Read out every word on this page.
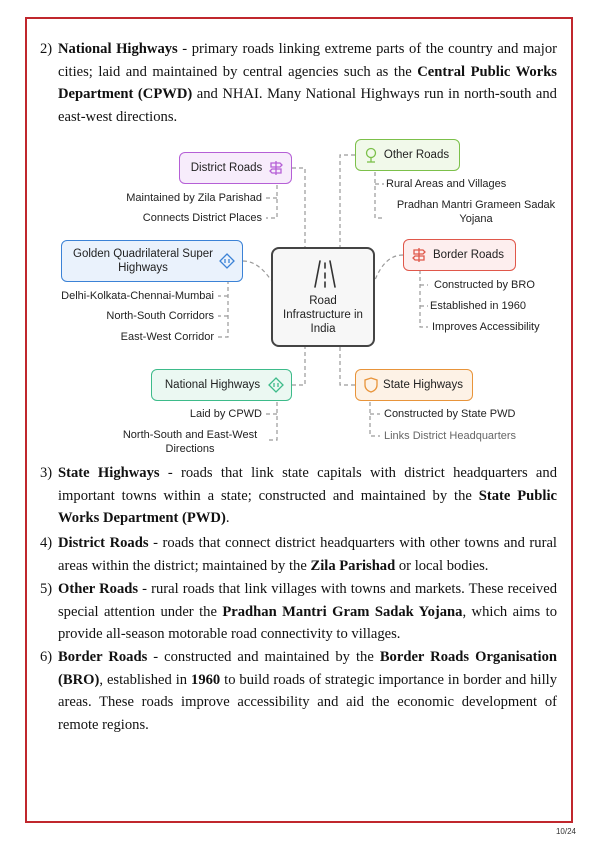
2) National Highways - primary roads linking extreme parts of the country and major cities; laid and maintained by central agencies such as the Central Public Works Department (CPWD) and NHAI. Many National Highways run in north-south and east-west directions.
Road Infrastructure in India
District Roads
Maintained by Zila Parishad
Connects District Places
Other Roads
Rural Areas and Villages
Pradhan Mantri Grameen Sadak Yojana
Golden Quadrilateral Super Highways
Delhi-Kolkata-Chennai-Mumbai
North-South Corridors
East-West Corridor
Border Roads
Constructed by BRO
Established in 1960
Improves Accessibility
National Highways
Laid by CPWD
North-South and East-West Directions
State Highways
Constructed by State PWD
Links District Headquarters
3) State Highways - roads that link state capitals with district headquarters and important towns within a state; constructed and maintained by the State Public Works Department (PWD).
4) District Roads - roads that connect district headquarters with other towns and rural areas within the district; maintained by the Zila Parishad or local bodies.
5) Other Roads - rural roads that link villages with towns and markets. These received special attention under the Pradhan Mantri Gram Sadak Yojana, which aims to provide all-season motorable road connectivity to villages.
6) Border Roads - constructed and maintained by the Border Roads Organisation (BRO), established in 1960 to build roads of strategic importance in border and hilly areas. These roads improve accessibility and aid the economic development of remote regions.
10/24
